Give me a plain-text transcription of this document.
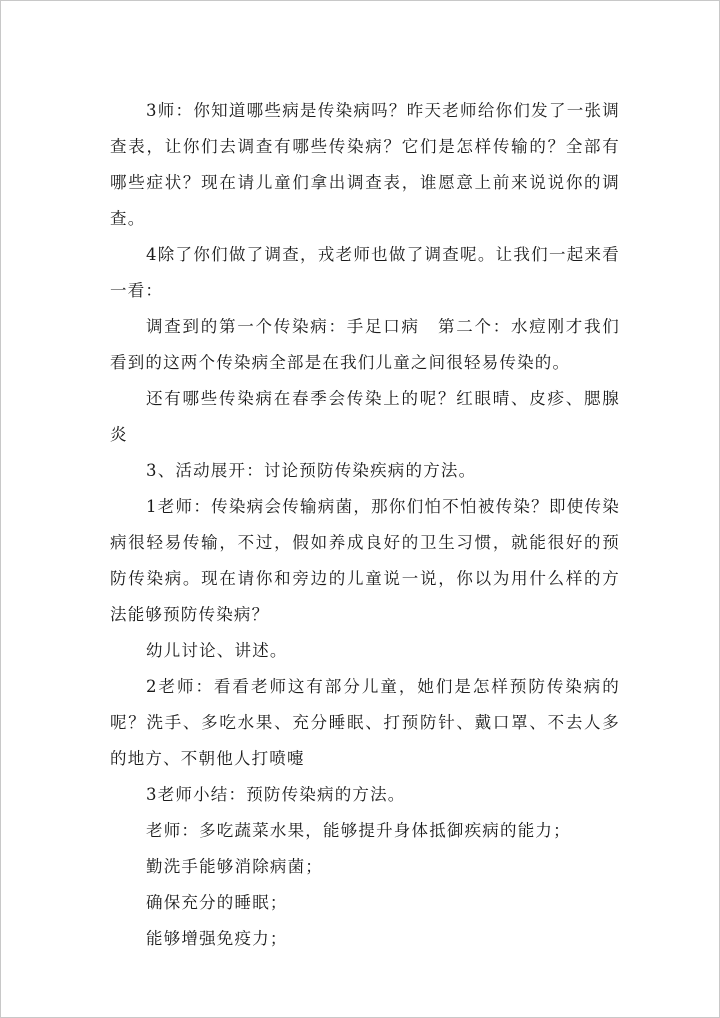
3师：你知道哪些病是传染病吗？昨天老师给你们发了一张调查表，让你们去调查有哪些传染病？它们是怎样传输的？全部有哪些症状？现在请儿童们拿出调查表，谁愿意上前来说说你的调查。

4除了你们做了调查，戎老师也做了调查呢。让我们一起来看一看：

调查到的第一个传染病：手足口病　第二个：水痘刚才我们看到的这两个传染病全部是在我们儿童之间很轻易传染的。

还有哪些传染病在春季会传染上的呢？红眼晴、皮疹、腮腺炎

3、活动展开：讨论预防传染疾病的方法。

1老师：传染病会传输病菌，那你们怕不怕被传染？即使传染病很轻易传输，不过，假如养成良好的卫生习惯，就能很好的预防传染病。现在请你和旁边的儿童说一说，你以为用什么样的方法能够预防传染病？

幼儿讨论、讲述。

2老师：看看老师这有部分儿童，她们是怎样预防传染病的呢？洗手、多吃水果、充分睡眠、打预防针、戴口罩、不去人多的地方、不朝他人打喷嚏

3老师小结：预防传染病的方法。

老师：多吃蔬菜水果，能够提升身体抵御疾病的能力；

勤洗手能够消除病菌；

确保充分的睡眠；

能够增强免疫力；
